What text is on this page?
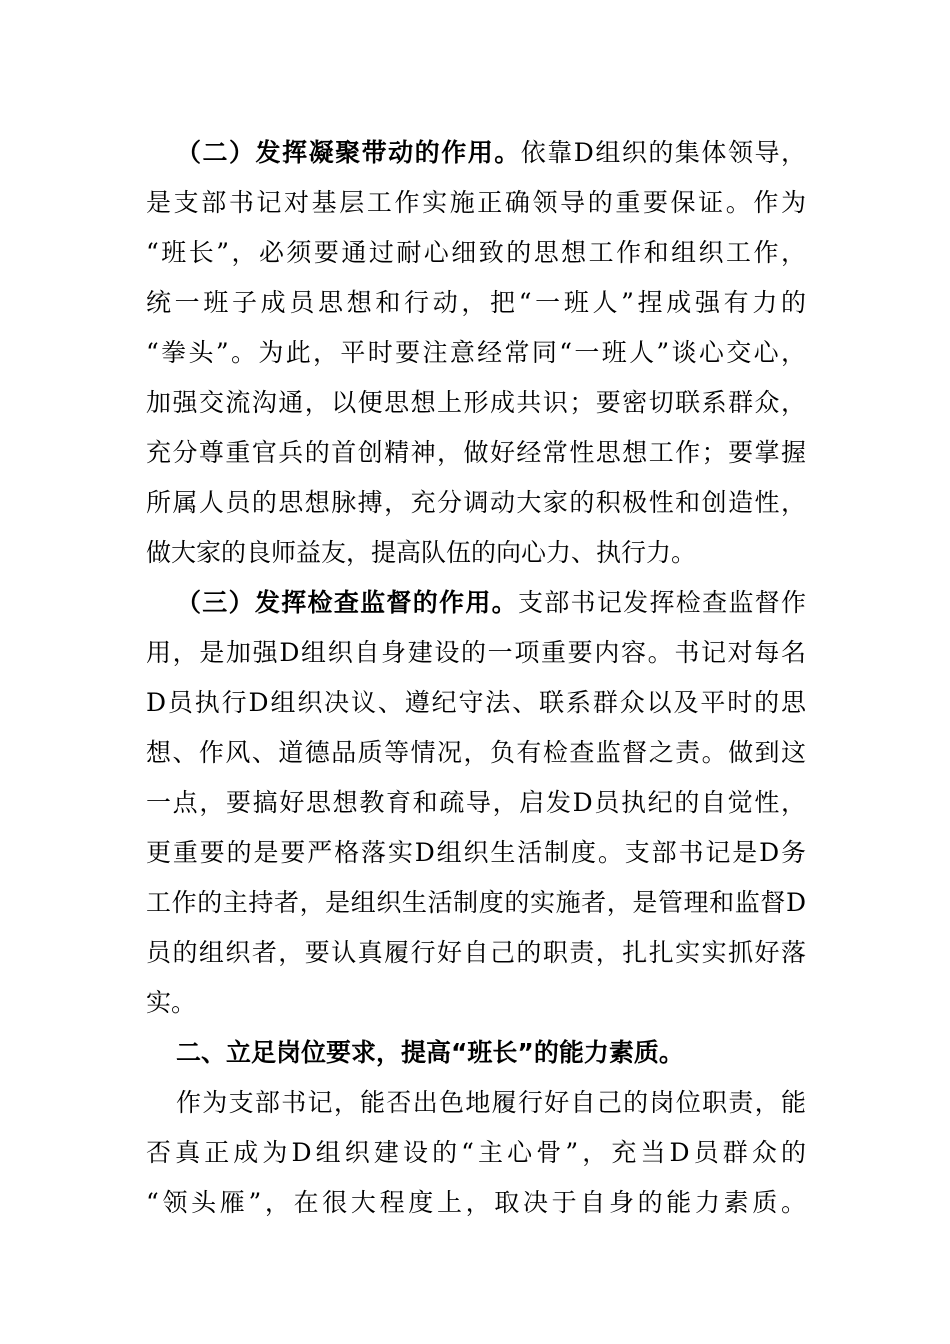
（二）发挥凝聚带动的作用。依靠D组织的集体领导，
是支部书记对基层工作实施正确领导的重要保证。作为
“班长”，必须要通过耐心细致的思想工作和组织工作，
统一班子成员思想和行动，把“一班人”捏成强有力的
“拳头”。为此，平时要注意经常同“一班人”谈心交心，
加强交流沟通，以便思想上形成共识；要密切联系群众，
充分尊重官兵的首创精神，做好经常性思想工作；要掌握
所属人员的思想脉搏，充分调动大家的积极性和创造性，
做大家的良师益友，提高队伍的向心力、执行力。
（三）发挥检查监督的作用。支部书记发挥检查监督作
用，是加强D组织自身建设的一项重要内容。书记对每名
D员执行D组织决议、遵纪守法、联系群众以及平时的思
想、作风、道德品质等情况，负有检查监督之责。做到这
一点，要搞好思想教育和疏导，启发D员执纪的自觉性，
更重要的是要严格落实D组织生活制度。支部书记是D务
工作的主持者，是组织生活制度的实施者，是管理和监督D
员的组织者，要认真履行好自己的职责，扎扎实实抓好落
实。
二、立足岗位要求，提高“班长”的能力素质。
作为支部书记，能否出色地履行好自己的岗位职责，能
否真正成为D组织建设的“主心骨”，充当D员群众的
“领头雁”，在很大程度上，取决于自身的能力素质。
